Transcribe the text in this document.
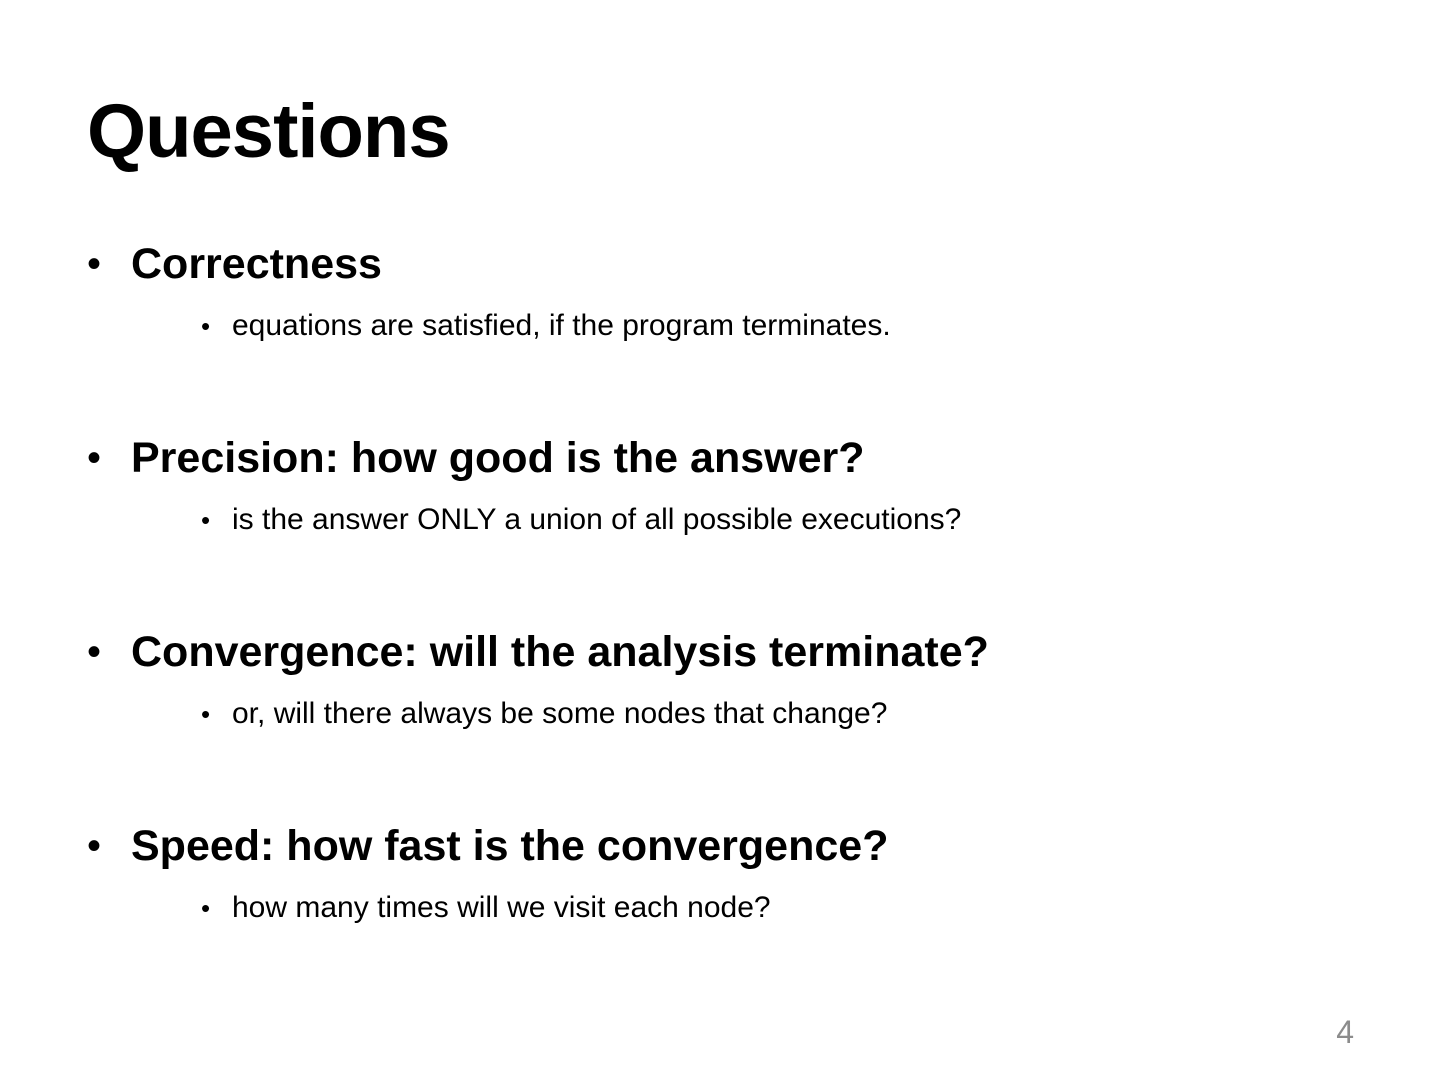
Questions
• Correctness
• equations are satisfied, if the program terminates.
• Precision: how good is the answer?
• is the answer ONLY a union of all possible executions?
• Convergence: will the analysis terminate?
• or, will there always be some nodes that change?
• Speed: how fast is the convergence?
• how many times will we visit each node?
4
